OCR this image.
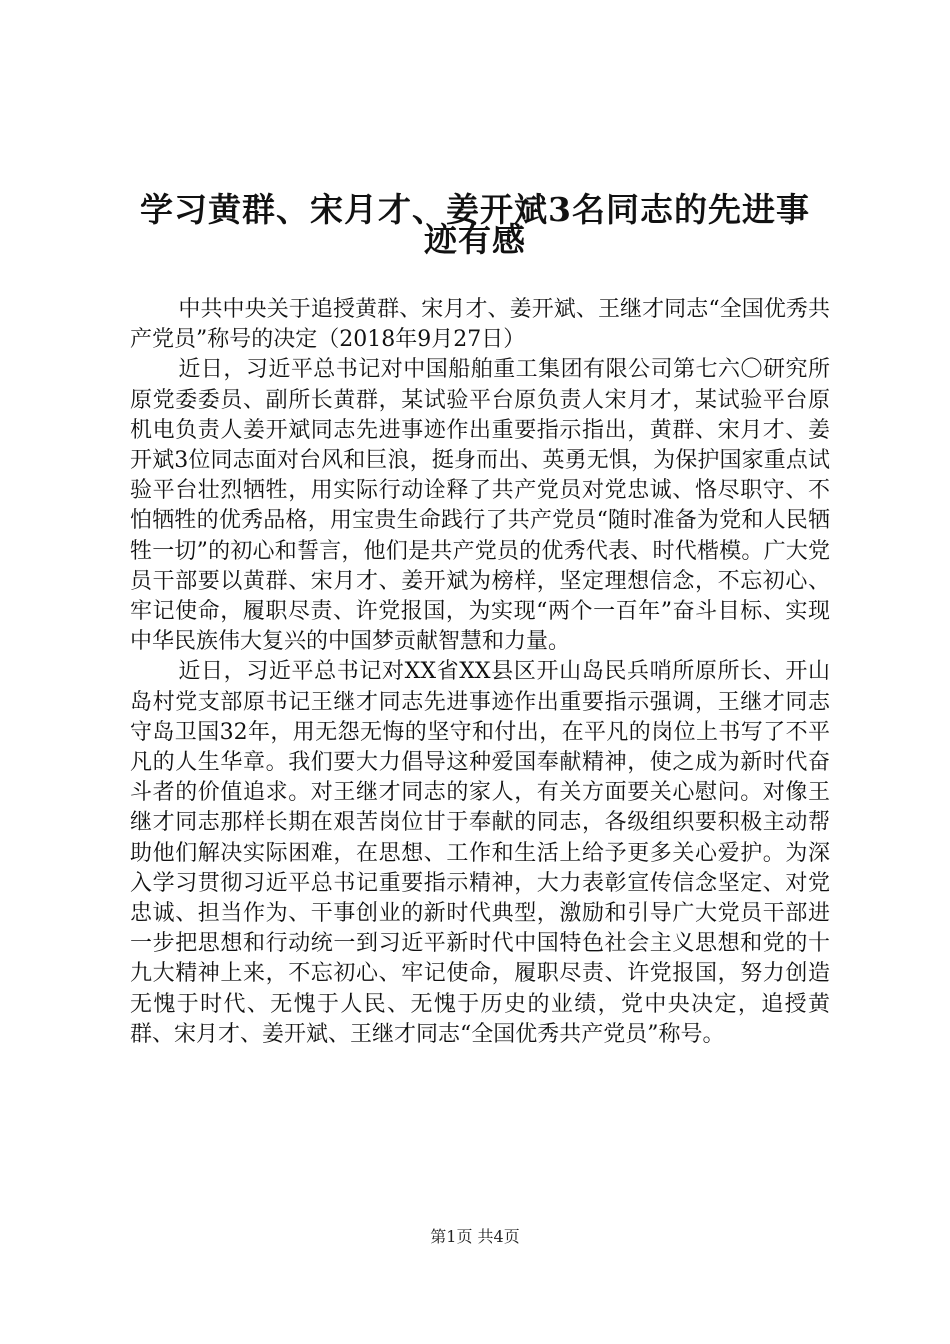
学习黄群、宋月才、姜开斌3名同志的先进事
迹有感

中共中央关于追授黄群、宋月才、姜开斌、王继才同志“全国优秀共产党员”称号的决定（2018年9月27日）

近日，习近平总书记对中国船舶重工集团有限公司第七六〇研究所原党委委员、副所长黄群，某试验平台原负责人宋月才，某试验平台原机电负责人姜开斌同志先进事迹作出重要指示指出，黄群、宋月才、姜开斌3位同志面对台风和巨浪，挺身而出、英勇无惧，为保护国家重点试验平台壮烈牺牲，用实际行动诠释了共产党员对党忠诚、恪尽职守、不怕牺牲的优秀品格，用宝贵生命践行了共产党员“随时准备为党和人民牺牲一切”的初心和誓言，他们是共产党员的优秀代表、时代楷模。广大党员干部要以黄群、宋月才、姜开斌为榜样，坚定理想信念，不忘初心、牢记使命，履职尽责、许党报国，为实现“两个一百年”奋斗目标、实现中华民族伟大复兴的中国梦贡献智慧和力量。

近日，习近平总书记对XX省XX县区开山岛民兵哨所原所长、开山岛村党支部原书记王继才同志先进事迹作出重要指示强调，王继才同志守岛卫国32年，用无怨无悔的坚守和付出，在平凡的岗位上书写了不平凡的人生华章。我们要大力倡导这种爱国奉献精神，使之成为新时代奋斗者的价值追求。对王继才同志的家人，有关方面要关心慰问。对像王继才同志那样长期在艰苦岗位甘于奉献的同志，各级组织要积极主动帮助他们解决实际困难，在思想、工作和生活上给予更多关心爱护。为深入学习贯彻习近平总书记重要指示精神，大力表彰宣传信念坚定、对党忠诚、担当作为、干事创业的新时代典型，激励和引导广大党员干部进一步把思想和行动统一到习近平新时代中国特色社会主义思想和党的十九大精神上来，不忘初心、牢记使命，履职尽责、许党报国，努力创造无愧于时代、无愧于人民、无愧于历史的业绩，党中央决定，追授黄群、宋月才、姜开斌、王继才同志“全国优秀共产党员”称号。

第1页 共4页
